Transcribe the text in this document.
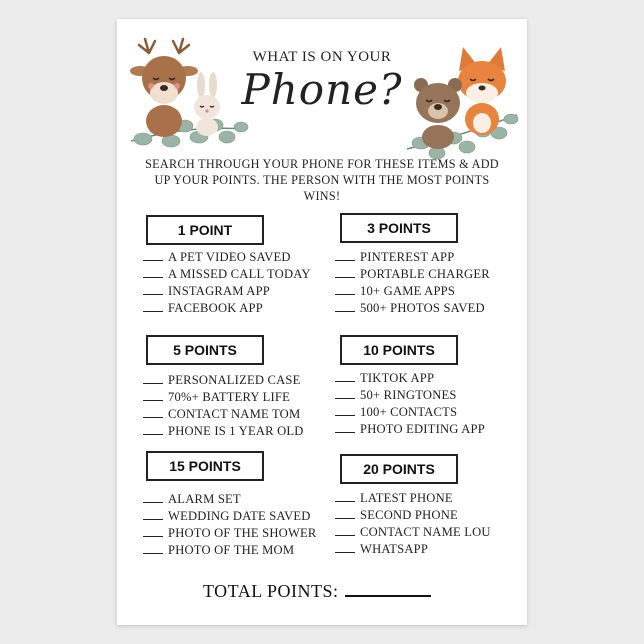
WHAT IS ON YOUR
Phone?
SEARCH THROUGH YOUR PHONE FOR THESE ITEMS & ADD UP YOUR POINTS. THE PERSON WITH THE MOST POINTS WINS!
1 POINT
A PET VIDEO SAVED
A MISSED CALL TODAY
INSTAGRAM APP
FACEBOOK APP
3 POINTS
PINTEREST APP
PORTABLE CHARGER
10+ GAME APPS
500+ PHOTOS SAVED
5 POINTS
PERSONALIZED CASE
70%+ BATTERY LIFE
CONTACT NAME TOM
PHONE IS 1 YEAR OLD
10 POINTS
TIKTOK APP
50+ RINGTONES
100+ CONTACTS
PHOTO EDITING APP
15 POINTS
ALARM SET
WEDDING DATE SAVED
PHOTO OF THE SHOWER
PHOTO OF THE MOM
20 POINTS
LATEST PHONE
SECOND PHONE
CONTACT NAME LOU
WHATSAPP
TOTAL POINTS:
